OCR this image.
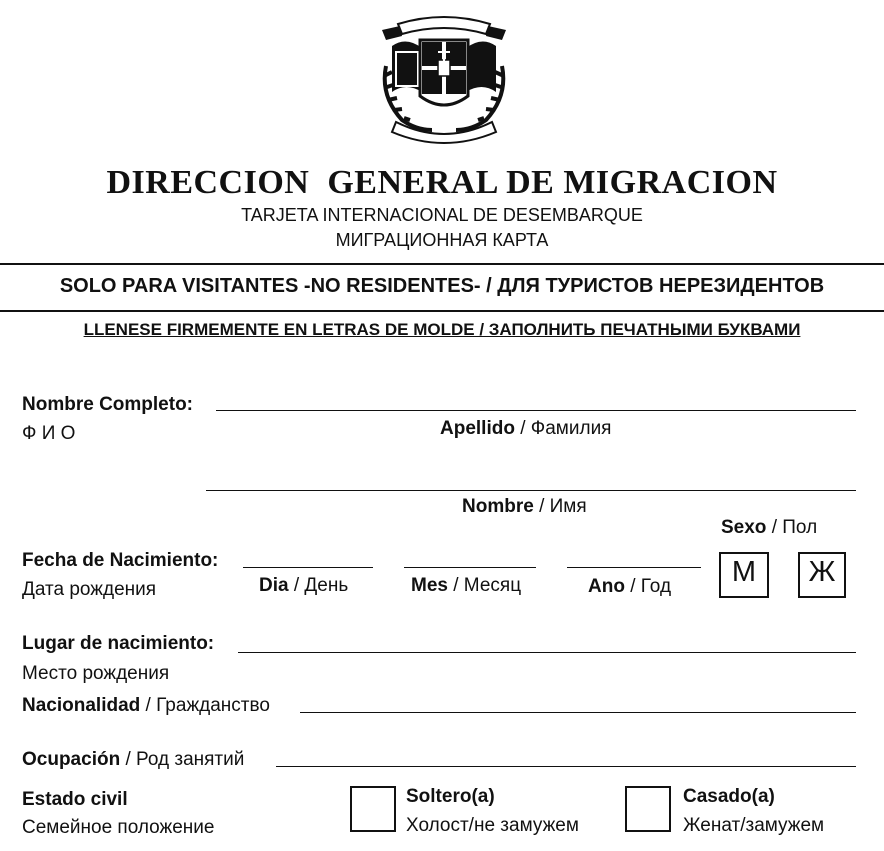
DIRECCION  GENERAL DE MIGRACION
TARJETA INTERNACIONAL DE DESEMBARQUE
МИГРАЦИОННАЯ КАРТА
SOLO PARA VISITANTES -NO RESIDENTES- / ДЛЯ ТУРИСТОВ НЕРЕЗИДЕНТОВ
LLENESE FIRMEMENTE EN LETRAS DE MOLDE / ЗАПОЛНИТЬ ПЕЧАТНЫМИ БУКВАМИ
Nombre Completo:
Ф И О	Apellido / Фамилия
Nombre / Имя
Sexo / Пол
M	Ж
Fecha de Nacimiento:
Дата рождения	Dia / День	Mes / Месяц	Ano / Год
Lugar de nacimiento:
Место рождения
Nacionalidad / Гражданство
Ocupación / Род занятий
Estado civil
Семейное положение
Soltero(a)
Холост/не замужем
Casado(a)
Женат/замужем
